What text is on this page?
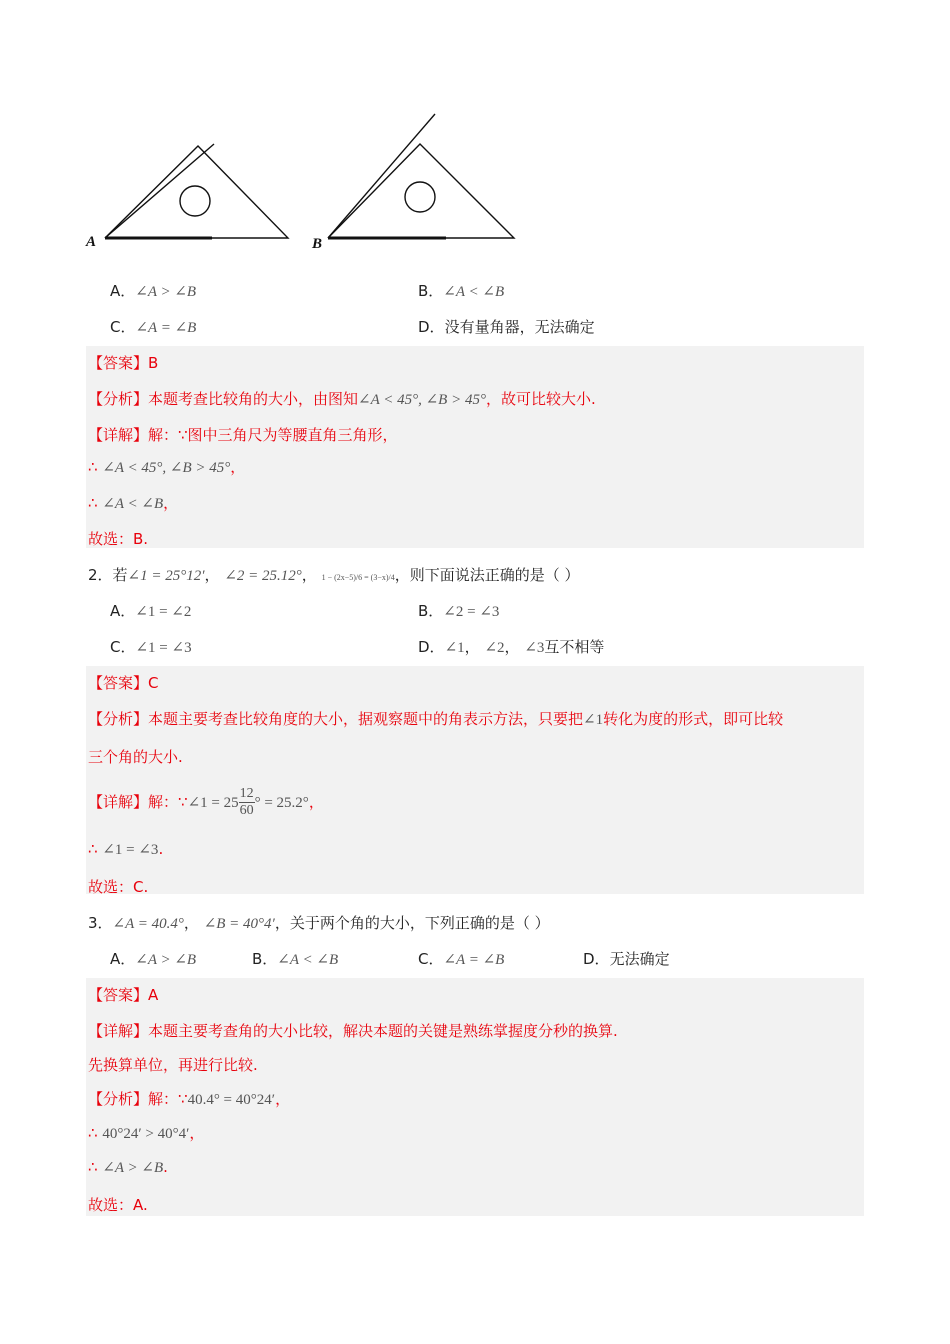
A	B
A．∠A > ∠B	B．∠A < ∠B
C．∠A = ∠B	D．没有量角器，无法确定
【答案】B
【分析】本题考查比较角的大小，由图知∠A < 45°, ∠B > 45°，故可比较大小.
【详解】解：∵图中三角尺为等腰直角三角形，
∴ ∠A < 45°, ∠B > 45°，
∴ ∠A < ∠B，
故选：B.
2．若∠1 = 25°12′， ∠2 = 25.12°， 1 − (2x−5)/6 = (3−x)/4，则下面说法正确的是（ ）
A．∠1 = ∠2	B．∠2 = ∠3
C．∠1 = ∠3	D．∠1， ∠2， ∠3互不相等
【答案】C
【分析】本题主要考查比较角度的大小，据观察题中的角表示方法，只要把∠1转化为度的形式，即可比较
三个角的大小.
【详解】解：∵∠1 = $25 \frac{12}{60}$ ° = 25.2°，
∴ ∠1 = ∠3.
故选：C.
3．∠A = 40.4°， ∠B = 40°4′，关于两个角的大小，下列正确的是（ ）
A．∠A > ∠B	B．∠A < ∠B	C．∠A = ∠B	D．无法确定
【答案】A
【详解】本题主要考查角的大小比较，解决本题的关键是熟练掌握度分秒的换算.
先换算单位，再进行比较.
【分析】解：∵40.4° = 40°24′，
∴ 40°24′ > 40°4′，
∴ ∠A > ∠B.
故选：A.
